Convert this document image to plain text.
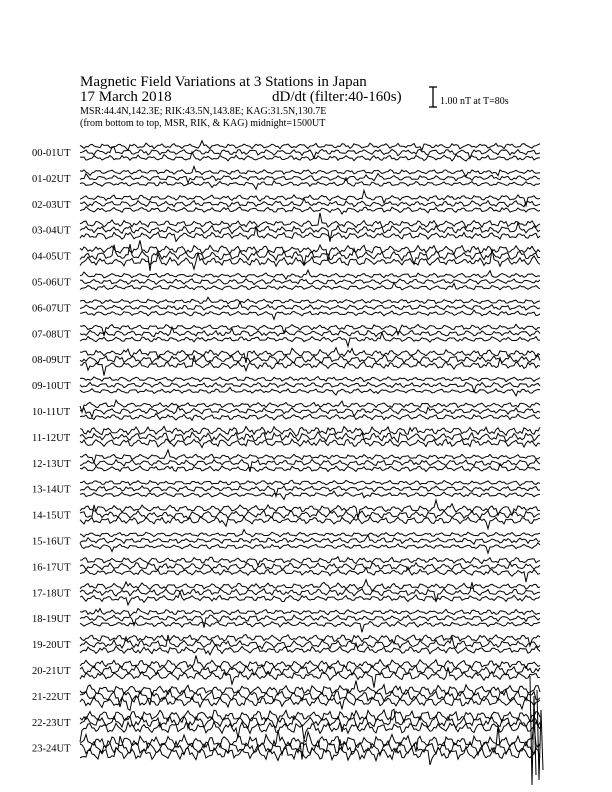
Magnetic Field Variations at 3 Stations in Japan
17 March 2018	dD/dt (filter:40-160s)
MSR:44.4N,142.3E; RIK:43.5N,143.8E; KAG:31.5N,130.7E
(from bottom to top, MSR, RIK, & KAG) midnight=1500UT
1.00 nT at T=80s
00-01UT
01-02UT
02-03UT
03-04UT
04-05UT
05-06UT
06-07UT
07-08UT
08-09UT
09-10UT
10-11UT
11-12UT
12-13UT
13-14UT
14-15UT
15-16UT
16-17UT
17-18UT
18-19UT
19-20UT
20-21UT
21-22UT
22-23UT
23-24UT
